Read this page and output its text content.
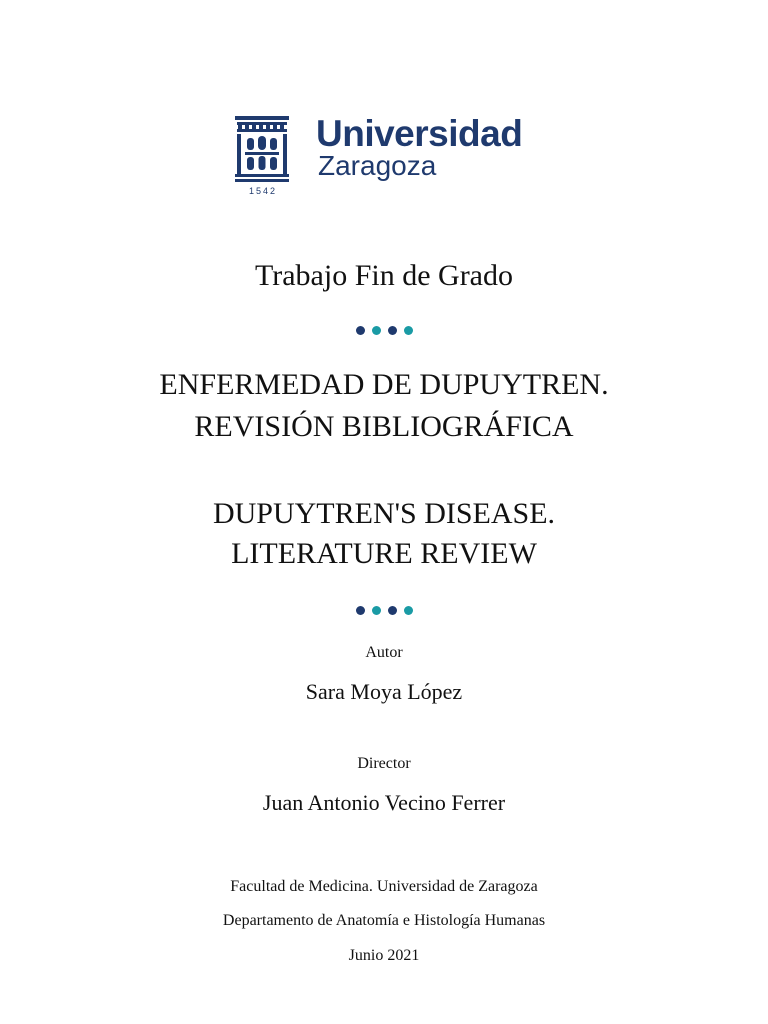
Universidad
Zaragoza
1542
Trabajo Fin de Grado
ENFERMEDAD DE DUPUYTREN.
REVISIÓN BIBLIOGRÁFICA
DUPUYTREN'S DISEASE.
LITERATURE REVIEW
Autor
Sara Moya López
Director
Juan Antonio Vecino Ferrer
Facultad de Medicina. Universidad de Zaragoza
Departamento de Anatomía e Histología Humanas
Junio 2021
